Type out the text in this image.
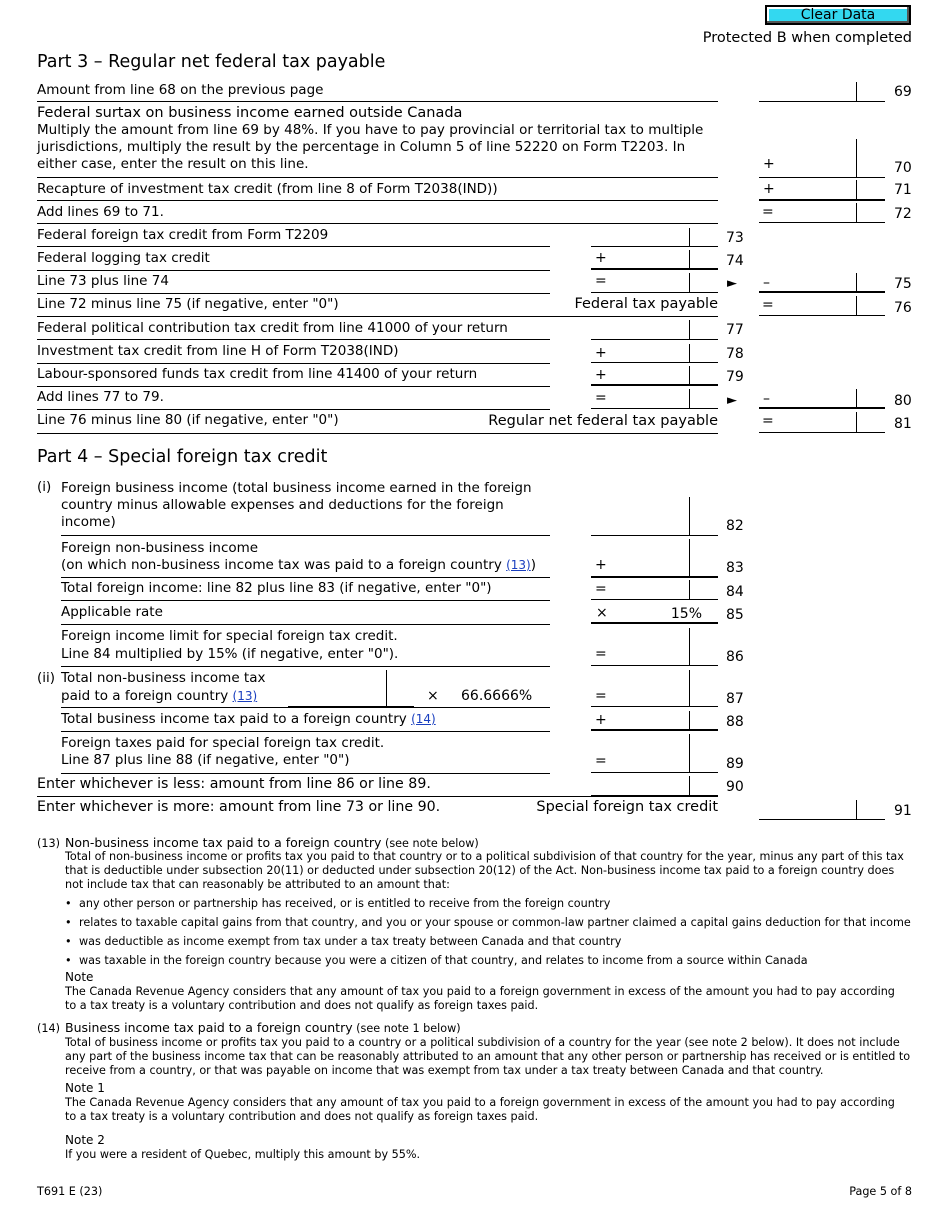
Clear Data
Protected B when completed
Part 3 – Regular net federal tax payable
Amount from line 68 on the previous page	69
Federal surtax on business income earned outside Canada
Multiply the amount from line 69 by 48%. If you have to pay provincial or territorial tax to multiple
jurisdictions, multiply the result by the percentage in Column 5 of line 52220 on Form T2203. In
either case, enter the result on this line.	+	70
Recapture of investment tax credit (from line 8 of Form T2038(IND))	+	71
Add lines 69 to 71.	=	72
Federal foreign tax credit from Form T2209	73
Federal logging tax credit	+	74
Line 73 plus line 74	=	► –	75
Line 72 minus line 75 (if negative, enter "0")	Federal tax payable	=	76
Federal political contribution tax credit from line 41000 of your return	77
Investment tax credit from line H of Form T2038(IND)	+	78
Labour-sponsored funds tax credit from line 41400 of your return	+	79
Add lines 77 to 79.	=	► –	80
Line 76 minus line 80 (if negative, enter "0")	Regular net federal tax payable	=	81
Part 4 – Special foreign tax credit
(i) Foreign business income (total business income earned in the foreign
country minus allowable expenses and deductions for the foreign
income)	82
Foreign non-business income
(on which non-business income tax was paid to a foreign country (13))	+	83
Total foreign income: line 82 plus line 83 (if negative, enter "0")	=	84
Applicable rate	×	15% 85
Foreign income limit for special foreign tax credit.
Line 84 multiplied by 15% (if negative, enter "0").	=	86
(ii) Total non-business income tax
paid to a foreign country (13)	× 66.6666%	=	87
Total business income tax paid to a foreign country (14)	+	88
Foreign taxes paid for special foreign tax credit.
Line 87 plus line 88 (if negative, enter "0")	=	89
Enter whichever is less: amount from line 86 or line 89.	90
Enter whichever is more: amount from line 73 or line 90.	Special foreign tax credit	91
(13) Non-business income tax paid to a foreign country (see note below)
Total of non-business income or profits tax you paid to that country or to a political subdivision of that country for the year, minus any part of this tax
that is deductible under subsection 20(11) or deducted under subsection 20(12) of the Act. Non-business income tax paid to a foreign country does
not include tax that can reasonably be attributed to an amount that:
• any other person or partnership has received, or is entitled to receive from the foreign country
• relates to taxable capital gains from that country, and you or your spouse or common-law partner claimed a capital gains deduction for that income
• was deductible as income exempt from tax under a tax treaty between Canada and that country
• was taxable in the foreign country because you were a citizen of that country, and relates to income from a source within Canada
Note
The Canada Revenue Agency considers that any amount of tax you paid to a foreign government in excess of the amount you had to pay according
to a tax treaty is a voluntary contribution and does not qualify as foreign taxes paid.
(14) Business income tax paid to a foreign country (see note 1 below)
Total of business income or profits tax you paid to a country or a political subdivision of a country for the year (see note 2 below). It does not include
any part of the business income tax that can be reasonably attributed to an amount that any other person or partnership has received or is entitled to
receive from a country, or that was payable on income that was exempt from tax under a tax treaty between Canada and that country.
Note 1
The Canada Revenue Agency considers that any amount of tax you paid to a foreign government in excess of the amount you had to pay according
to a tax treaty is a voluntary contribution and does not qualify as foreign taxes paid.
Note 2
If you were a resident of Quebec, multiply this amount by 55%.
T691 E (23)	Page 5 of 8
